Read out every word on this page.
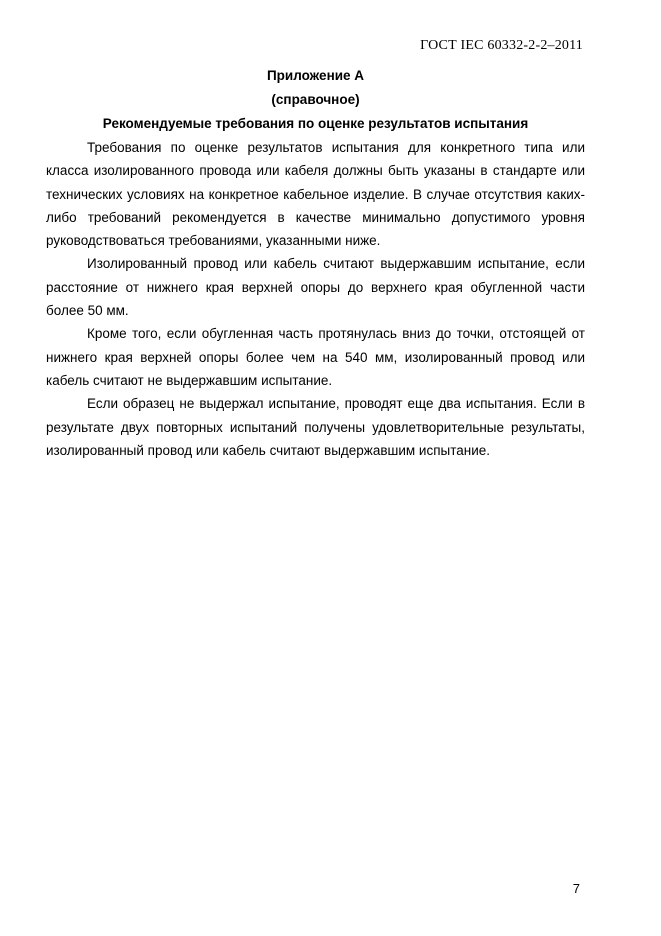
ГОСТ IEC 60332-2-2–2011
Приложение А
(справочное)
Рекомендуемые требования по оценке результатов испытания

Требования по оценке результатов испытания для конкретного типа или класса изолированного провода или кабеля должны быть указаны в стандарте или технических условиях на конкретное кабельное изделие. В случае отсутствия каких-либо требований рекомендуется в качестве минимально допустимого уровня руководствоваться требованиями, указанными ниже.

Изолированный провод или кабель считают выдержавшим испытание, если расстояние от нижнего края верхней опоры до верхнего края обугленной части более 50 мм.

Кроме того, если обугленная часть протянулась вниз до точки, отстоящей от нижнего края верхней опоры более чем на 540 мм, изолированный провод или кабель считают не выдержавшим испытание.

Если образец не выдержал испытание, проводят еще два испытания. Если в результате двух повторных испытаний получены удовлетворительные результаты, изолированный провод или кабель считают выдержавшим испытание.

7
